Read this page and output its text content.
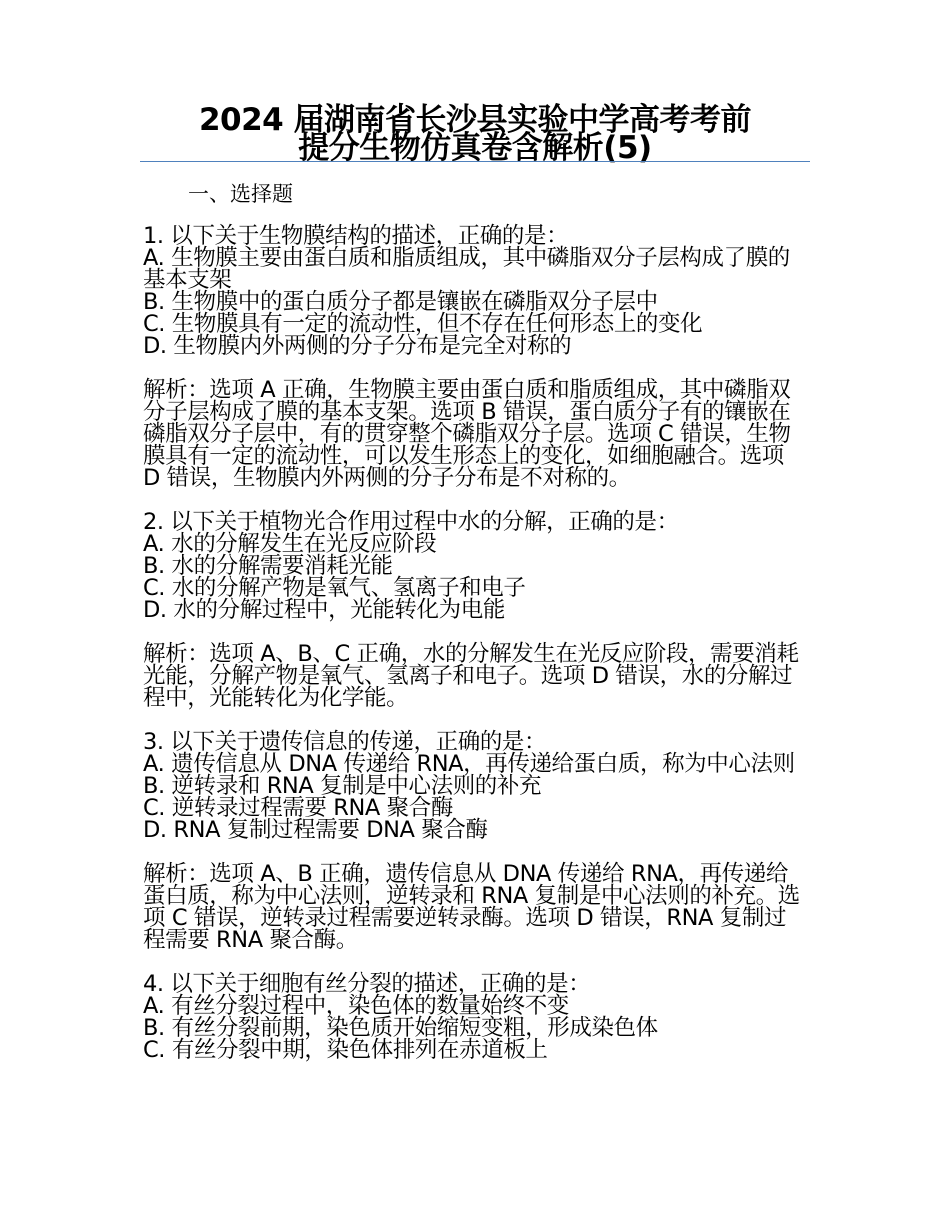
2024 届湖南省长沙县实验中学高考考前
提分生物仿真卷含解析(5)
一、选择题
1. 以下关于生物膜结构的描述，正确的是：
A. 生物膜主要由蛋白质和脂质组成，其中磷脂双分子层构成了膜的基本支架
B. 生物膜中的蛋白质分子都是镶嵌在磷脂双分子层中
C. 生物膜具有一定的流动性，但不存在任何形态上的变化
D. 生物膜内外两侧的分子分布是完全对称的
解析：选项 A 正确，生物膜主要由蛋白质和脂质组成，其中磷脂双分子层构成了膜的基本支架。选项 B 错误，蛋白质分子有的镶嵌在磷脂双分子层中，有的贯穿整个磷脂双分子层。选项 C 错误，生物膜具有一定的流动性，可以发生形态上的变化，如细胞融合。选项 D 错误，生物膜内外两侧的分子分布是不对称的。
2. 以下关于植物光合作用过程中水的分解，正确的是：
A. 水的分解发生在光反应阶段
B. 水的分解需要消耗光能
C. 水的分解产物是氧气、氢离子和电子
D. 水的分解过程中，光能转化为电能
解析：选项 A、B、C 正确，水的分解发生在光反应阶段，需要消耗光能，分解产物是氧气、氢离子和电子。选项 D 错误，水的分解过程中，光能转化为化学能。
3. 以下关于遗传信息的传递，正确的是：
A. 遗传信息从 DNA 传递给 RNA，再传递给蛋白质，称为中心法则
B. 逆转录和 RNA 复制是中心法则的补充
C. 逆转录过程需要 RNA 聚合酶
D. RNA 复制过程需要 DNA 聚合酶
解析：选项 A、B 正确，遗传信息从 DNA 传递给 RNA，再传递给蛋白质，称为中心法则，逆转录和 RNA 复制是中心法则的补充。选项 C 错误，逆转录过程需要逆转录酶。选项 D 错误，RNA 复制过程需要 RNA 聚合酶。
4. 以下关于细胞有丝分裂的描述，正确的是：
A. 有丝分裂过程中，染色体的数量始终不变
B. 有丝分裂前期，染色质开始缩短变粗，形成染色体
C. 有丝分裂中期，染色体排列在赤道板上
